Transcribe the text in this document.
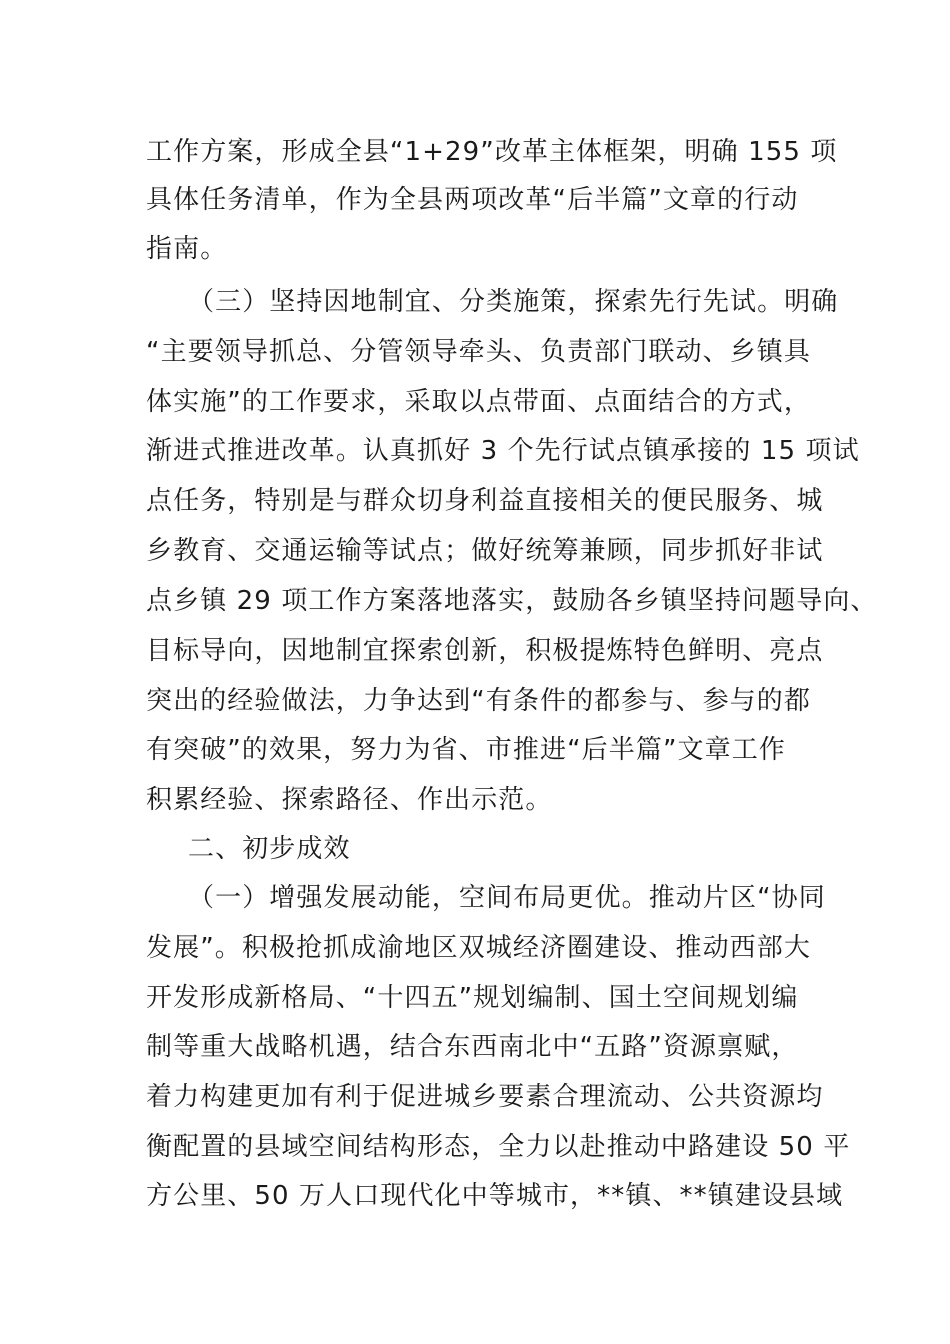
工作方案，形成全县“1+29”改革主体框架，明确 155 项
具体任务清单，作为全县两项改革“后半篇”文章的行动
指南。
（三）坚持因地制宜、分类施策，探索先行先试。明确
“主要领导抓总、分管领导牵头、负责部门联动、乡镇具
体实施”的工作要求，采取以点带面、点面结合的方式，
渐进式推进改革。认真抓好 3 个先行试点镇承接的 15 项试
点任务，特别是与群众切身利益直接相关的便民服务、城
乡教育、交通运输等试点；做好统筹兼顾，同步抓好非试
点乡镇 29 项工作方案落地落实，鼓励各乡镇坚持问题导向、
目标导向，因地制宜探索创新，积极提炼特色鲜明、亮点
突出的经验做法，力争达到“有条件的都参与、参与的都
有突破”的效果，努力为省、市推进“后半篇”文章工作
积累经验、探索路径、作出示范。
二、初步成效
（一）增强发展动能，空间布局更优。推动片区“协同
发展”。积极抢抓成渝地区双城经济圈建设、推动西部大
开发形成新格局、“十四五”规划编制、国土空间规划编
制等重大战略机遇，结合东西南北中“五路”资源禀赋，
着力构建更加有利于促进城乡要素合理流动、公共资源均
衡配置的县域空间结构形态，全力以赴推动中路建设 50 平
方公里、50 万人口现代化中等城市，**镇、**镇建设县域
